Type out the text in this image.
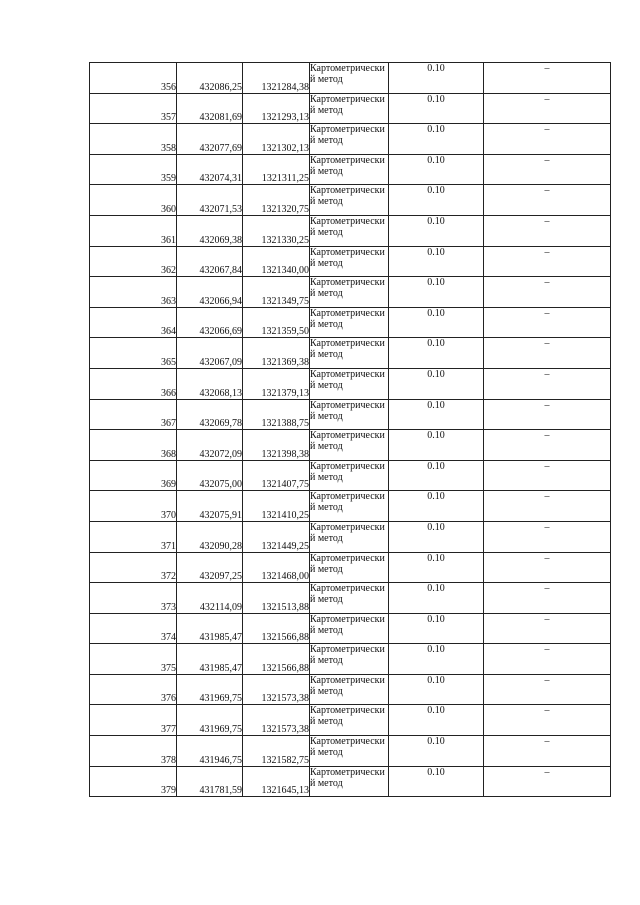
356	432086,25	1321284,38	Картометрический метод	0.10	–
357	432081,69	1321293,13	Картометрический метод	0.10	–
358	432077,69	1321302,13	Картометрический метод	0.10	–
359	432074,31	1321311,25	Картометрический метод	0.10	–
360	432071,53	1321320,75	Картометрический метод	0.10	–
361	432069,38	1321330,25	Картометрический метод	0.10	–
362	432067,84	1321340,00	Картометрический метод	0.10	–
363	432066,94	1321349,75	Картометрический метод	0.10	–
364	432066,69	1321359,50	Картометрический метод	0.10	–
365	432067,09	1321369,38	Картометрический метод	0.10	–
366	432068,13	1321379,13	Картометрический метод	0.10	–
367	432069,78	1321388,75	Картометрический метод	0.10	–
368	432072,09	1321398,38	Картометрический метод	0.10	–
369	432075,00	1321407,75	Картометрический метод	0.10	–
370	432075,91	1321410,25	Картометрический метод	0.10	–
371	432090,28	1321449,25	Картометрический метод	0.10	–
372	432097,25	1321468,00	Картометрический метод	0.10	–
373	432114,09	1321513,88	Картометрический метод	0.10	–
374	431985,47	1321566,88	Картометрический метод	0.10	–
375	431985,47	1321566,88	Картометрический метод	0.10	–
376	431969,75	1321573,38	Картометрический метод	0.10	–
377	431969,75	1321573,38	Картометрический метод	0.10	–
378	431946,75	1321582,75	Картометрический метод	0.10	–
379	431781,59	1321645,13	Картометрический метод	0.10	–
